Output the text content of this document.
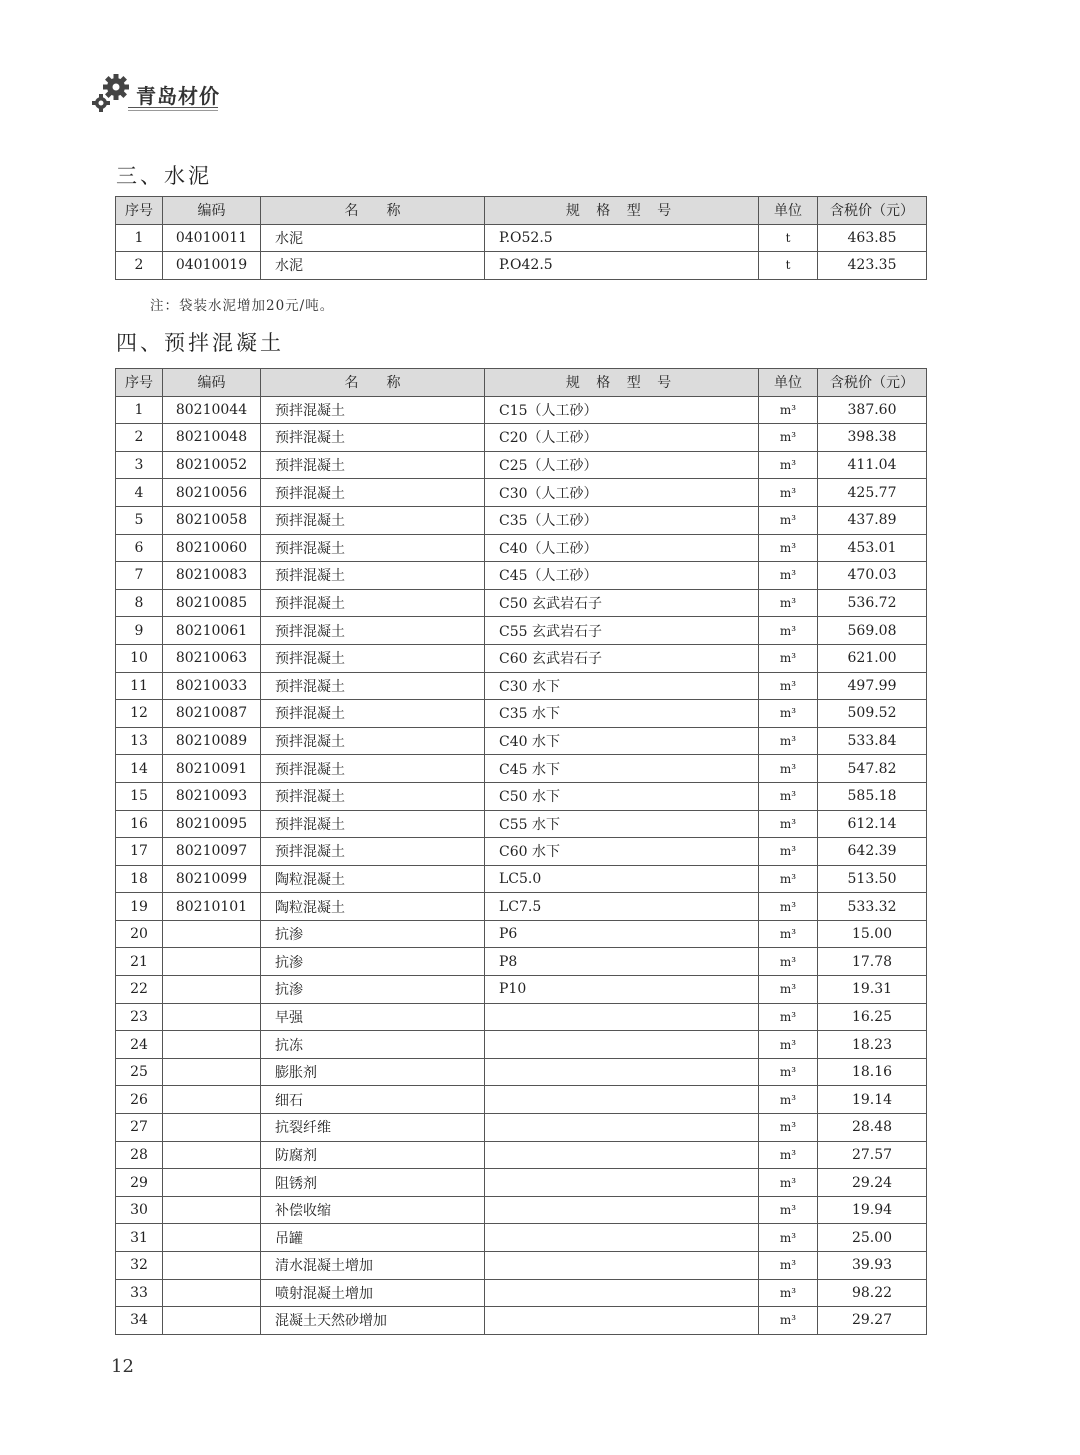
青岛材价
三、水泥
序号	编码	名　　称	规 格 型 号	单位	含税价（元）
1	04010011	水泥	P.O52.5	t	463.85
2	04010019	水泥	P.O42.5	t	423.35

注：袋装水泥增加20元/吨。

四、预拌混凝土
序号	编码	名　　称	规 格 型 号	单位	含税价（元）
1	80210044	预拌混凝土	C15（人工砂）	m³	387.60
2	80210048	预拌混凝土	C20（人工砂）	m³	398.38
3	80210052	预拌混凝土	C25（人工砂）	m³	411.04
4	80210056	预拌混凝土	C30（人工砂）	m³	425.77
5	80210058	预拌混凝土	C35（人工砂）	m³	437.89
6	80210060	预拌混凝土	C40（人工砂）	m³	453.01
7	80210083	预拌混凝土	C45（人工砂）	m³	470.03
8	80210085	预拌混凝土	C50 玄武岩石子	m³	536.72
9	80210061	预拌混凝土	C55 玄武岩石子	m³	569.08
10	80210063	预拌混凝土	C60 玄武岩石子	m³	621.00
11	80210033	预拌混凝土	C30 水下	m³	497.99
12	80210087	预拌混凝土	C35 水下	m³	509.52
13	80210089	预拌混凝土	C40 水下	m³	533.84
14	80210091	预拌混凝土	C45 水下	m³	547.82
15	80210093	预拌混凝土	C50 水下	m³	585.18
16	80210095	预拌混凝土	C55 水下	m³	612.14
17	80210097	预拌混凝土	C60 水下	m³	642.39
18	80210099	陶粒混凝土	LC5.0	m³	513.50
19	80210101	陶粒混凝土	LC7.5	m³	533.32
20		抗渗	P6	m³	15.00
21		抗渗	P8	m³	17.78
22		抗渗	P10	m³	19.31
23		早强		m³	16.25
24		抗冻		m³	18.23
25		膨胀剂		m³	18.16
26		细石		m³	19.14
27		抗裂纤维		m³	28.48
28		防腐剂		m³	27.57
29		阻锈剂		m³	29.24
30		补偿收缩		m³	19.94
31		吊罐		m³	25.00
32		清水混凝土增加		m³	39.93
33		喷射混凝土增加		m³	98.22
34		混凝土天然砂增加		m³	29.27
12
